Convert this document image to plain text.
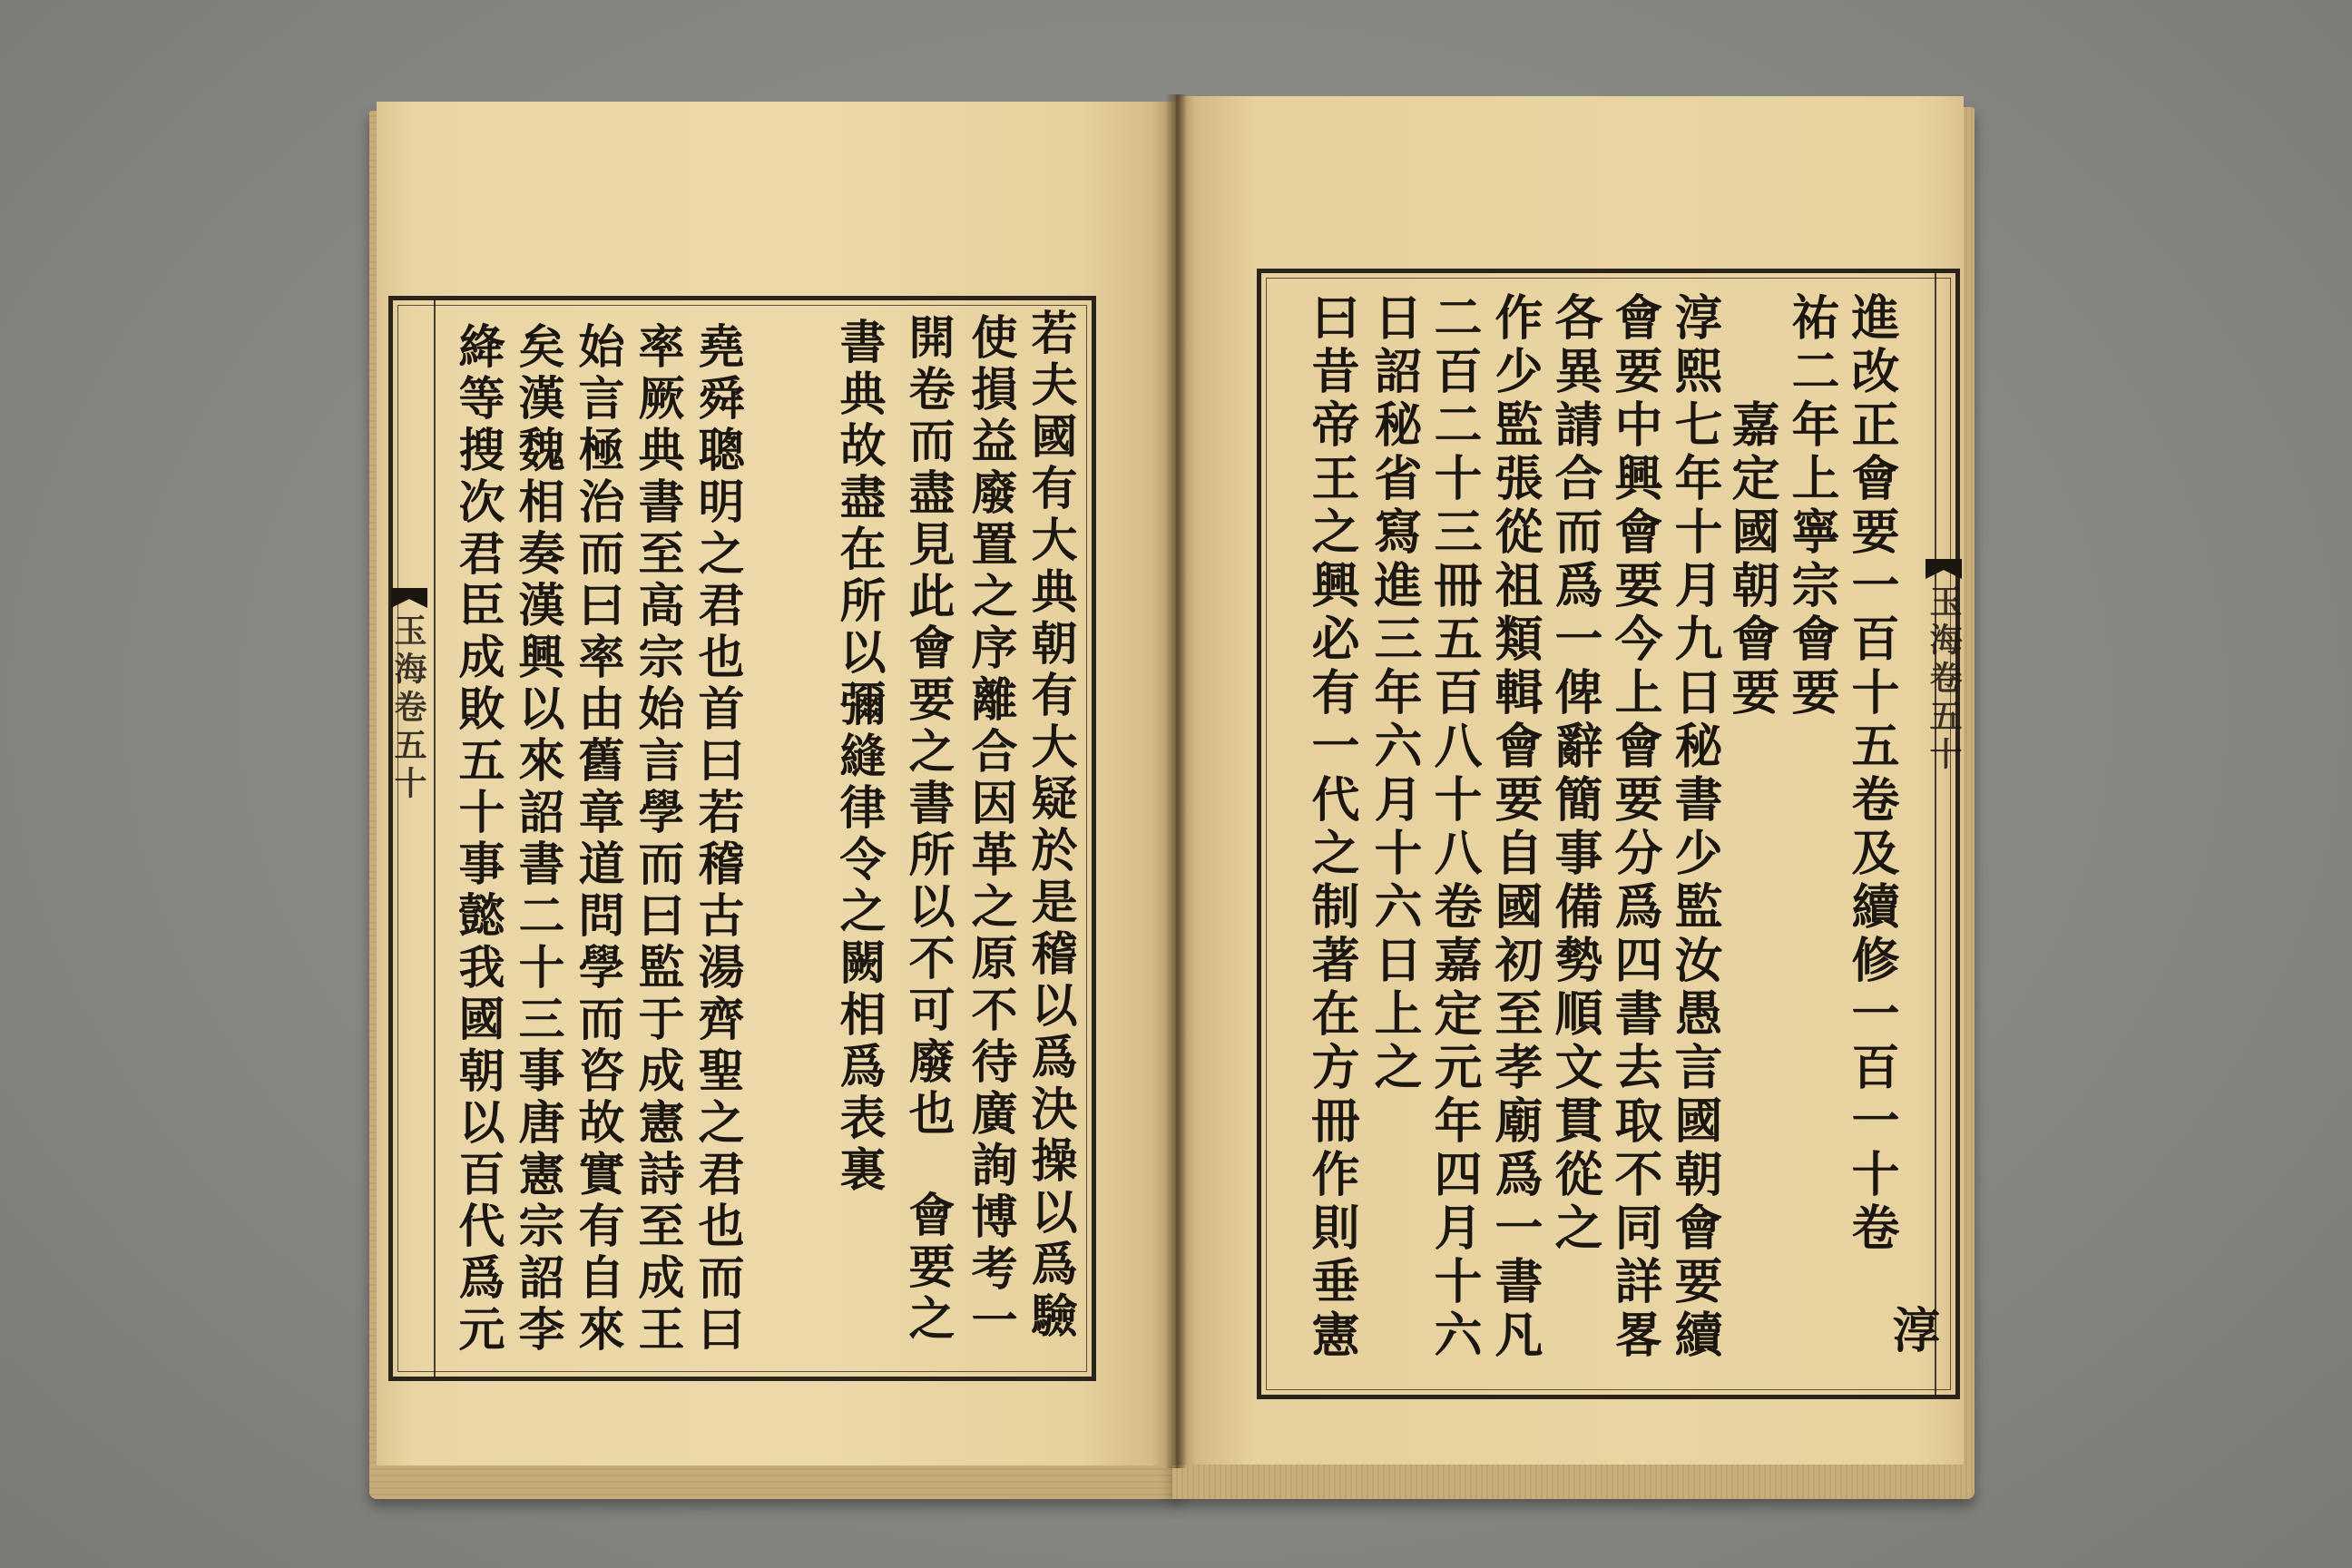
玉海卷五十	若夫國有大典朝有大疑於是稽以爲決操以爲驗
使損益廢置之序離合因革之原不待廣詢博考一
開卷而盡見此會要之書所以不可廢也
會要之
書典故盡在所以彌縫律令之闕相爲表裏
堯舜聰明之君也首曰若稽古湯齊聖之君也而曰
率厥典書至高宗始言學而曰監于成憲詩至成王
始言極治而曰率由舊章道問學而咨故實有自來
矣漢魏相奏漢興以來詔書二十三事唐憲宗詔李
絳等搜次君臣成敗五十事懿我國朝以百代爲元	玉海卷五十
進改正會要一百十五卷及續修一百一十卷
淳
祐二年上寧宗會要
嘉定國朝會要
淳熙七年十月九日秘書少監汝愚言國朝會要續
會要中興會要今上會要分爲四書去取不同詳畧
各異請合而爲一俾辭簡事備勢順文貫從之
作少監張從祖類輯會要自國初至孝廟爲一書凡
二百二十三冊五百八十八卷嘉定元年四月十六
日詔秘省寫進三年六月十六日上之
曰昔帝王之興必有一代之制著在方冊作則垂憲
